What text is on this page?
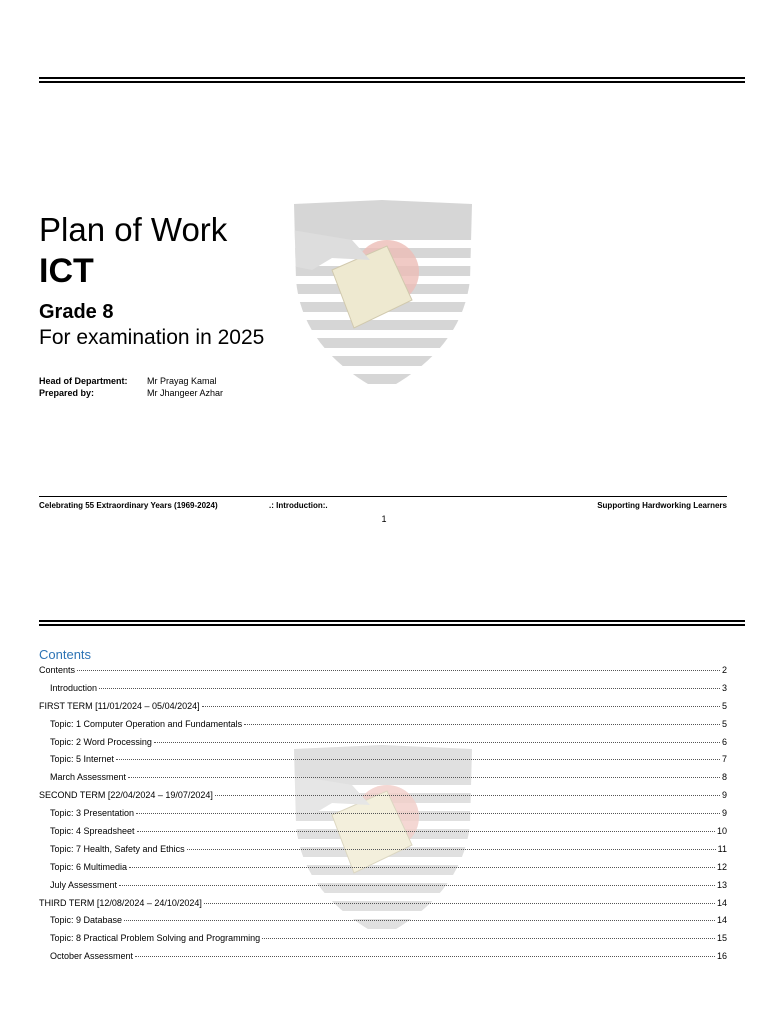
Plan of Work
ICT
Grade 8
For examination in 2025
Head of Department:	Mr Prayag Kamal
Prepared by:	Mr Jhangeer Azhar
Celebrating 55 Extraordinary Years (1969-2024)	.: Introduction:.	Supporting Hardworking Learners
1
Contents
Contents	2
Introduction	3
FIRST TERM [11/01/2024 – 05/04/2024]	5
Topic: 1 Computer Operation and Fundamentals	5
Topic: 2 Word Processing	6
Topic: 5 Internet	7
March Assessment	8
SECOND TERM [22/04/2024 – 19/07/2024]	9
Topic: 3 Presentation	9
Topic: 4 Spreadsheet	10
Topic: 7 Health, Safety and Ethics	11
Topic: 6 Multimedia	12
July Assessment	13
THIRD TERM [12/08/2024 – 24/10/2024]	14
Topic: 9 Database	14
Topic: 8 Practical Problem Solving and Programming	15
October Assessment	16
